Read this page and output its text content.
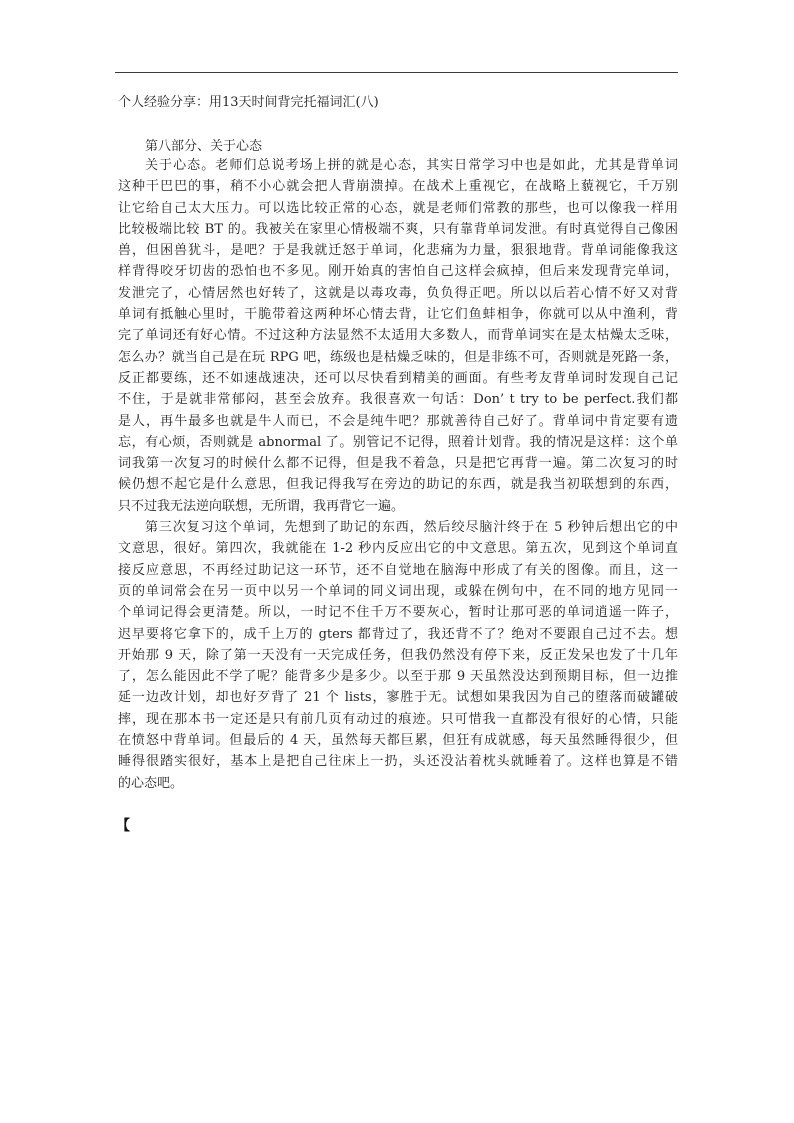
个人经验分享：用13天时间背完托福词汇(八)
第八部分、关于心态
关于心态。老师们总说考场上拼的就是心态，其实日常学习中也是如此，尤其是背单词
这种干巴巴的事，稍不小心就会把人背崩溃掉。在战术上重视它，在战略上藐视它，千万别
让它给自己太大压力。可以选比较正常的心态，就是老师们常教的那些，也可以像我一样用
比较极端比较 BT 的。我被关在家里心情极端不爽，只有靠背单词发泄。有时真觉得自己像困
兽，但困兽犹斗，是吧？于是我就迁怒于单词，化悲痛为力量，狠狠地背。背单词能像我这
样背得咬牙切齿的恐怕也不多见。刚开始真的害怕自己这样会疯掉，但后来发现背完单词，
发泄完了，心情居然也好转了，这就是以毒攻毒，负负得正吧。所以以后若心情不好又对背
单词有抵触心里时，干脆带着这两种坏心情去背，让它们鱼蚌相争，你就可以从中渔利，背
完了单词还有好心情。不过这种方法显然不太适用大多数人，而背单词实在是太枯燥太乏味，
怎么办？就当自己是在玩 RPG 吧，练级也是枯燥乏味的，但是非练不可，否则就是死路一条，
反正都要练，还不如速战速决，还可以尽快看到精美的画面。有些考友背单词时发现自己记
不住，于是就非常郁闷，甚至会放弃。我很喜欢一句话：Don’ t try to be perfect.我们都
是人，再牛最多也就是牛人而已，不会是纯牛吧？那就善待自己好了。背单词中肯定要有遗
忘，有心烦，否则就是 abnormal 了。别管记不记得，照着计划背。我的情况是这样：这个单
词我第一次复习的时候什么都不记得，但是我不着急，只是把它再背一遍。第二次复习的时
候仍想不起它是什么意思，但我记得我写在旁边的助记的东西，就是我当初联想到的东西，
只不过我无法逆向联想，无所谓，我再背它一遍。
第三次复习这个单词，先想到了助记的东西，然后绞尽脑汁终于在 5 秒钟后想出它的中
文意思，很好。第四次，我就能在 1-2 秒内反应出它的中文意思。第五次，见到这个单词直
接反应意思，不再经过助记这一环节，还不自觉地在脑海中形成了有关的图像。而且，这一
页的单词常会在另一页中以另一个单词的同义词出现，或躲在例句中，在不同的地方见同一
个单词记得会更清楚。所以，一时记不住千万不要灰心，暂时让那可恶的单词逍遥一阵子，
迟早要将它拿下的，成千上万的 gters 都背过了，我还背不了？绝对不要跟自己过不去。想
开始那 9 天，除了第一天没有一天完成任务，但我仍然没有停下来，反正发呆也发了十几年
了，怎么能因此不学了呢？能背多少是多少。以至于那 9 天虽然没达到预期目标，但一边推
延一边改计划，却也好歹背了 21 个 lists，寥胜于无。试想如果我因为自己的堕落而破罐破
摔，现在那本书一定还是只有前几页有动过的痕迹。只可惜我一直都没有很好的心情，只能
在愤怒中背单词。但最后的 4 天，虽然每天都巨累，但狂有成就感，每天虽然睡得很少，但
睡得很踏实很好，基本上是把自己往床上一扔，头还没沾着枕头就睡着了。这样也算是不错
的心态吧。
【
